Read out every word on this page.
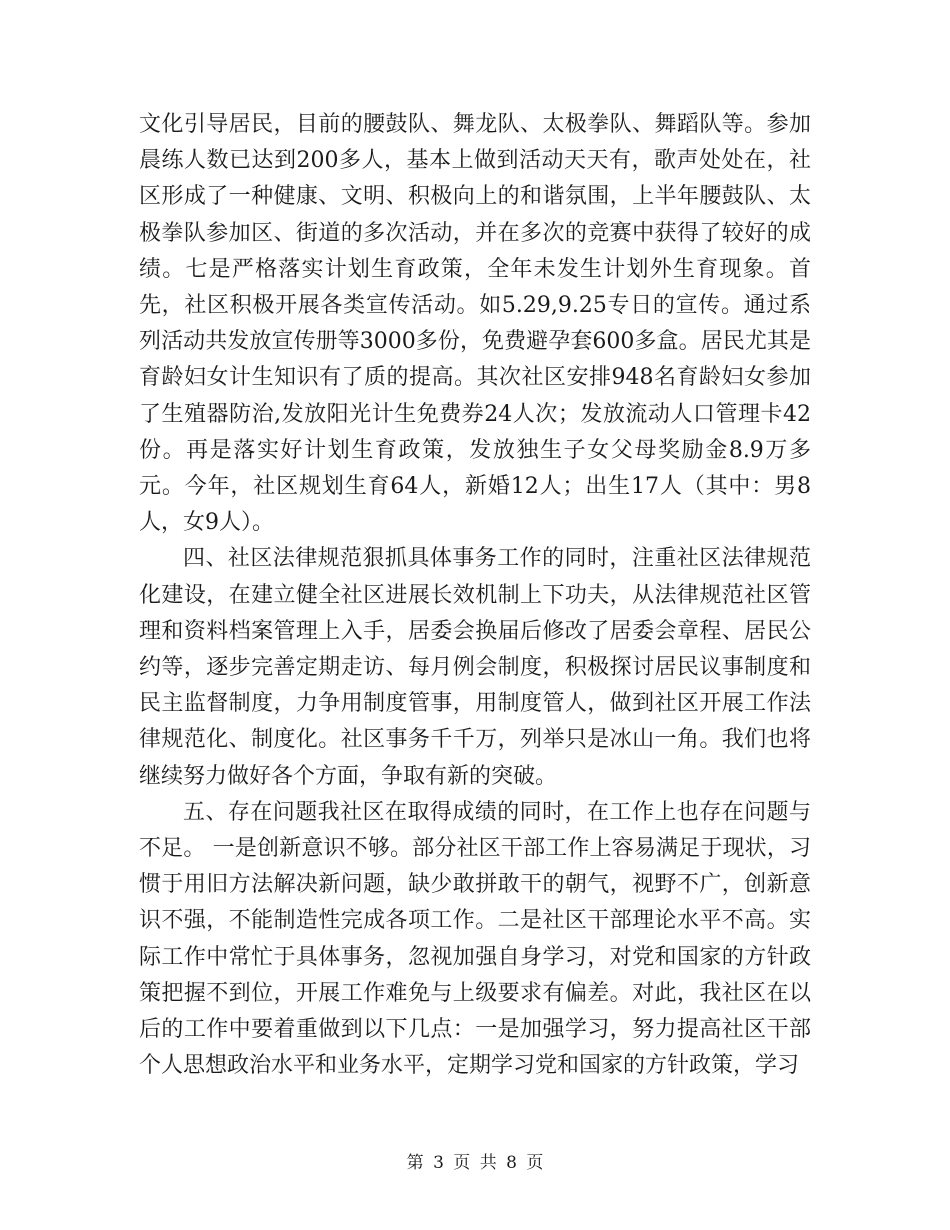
文化引导居民，目前的腰鼓队、舞龙队、太极拳队、舞蹈队等。参加晨练人数已达到200多人，基本上做到活动天天有，歌声处处在，社区形成了一种健康、文明、积极向上的和谐氛围，上半年腰鼓队、太极拳队参加区、街道的多次活动，并在多次的竞赛中获得了较好的成绩。七是严格落实计划生育政策，全年未发生计划外生育现象。首先，社区积极开展各类宣传活动。如5.29,9.25专日的宣传。通过系列活动共发放宣传册等3000多份，免费避孕套600多盒。居民尤其是育龄妇女计生知识有了质的提高。其次社区安排948名育龄妇女参加了生殖器防治,发放阳光计生免费券24人次；发放流动人口管理卡42份。再是落实好计划生育政策，发放独生子女父母奖励金8.9万多元。今年，社区规划生育64人，新婚12人；出生17人（其中：男8人，女9人）。

四、社区法律规范狠抓具体事务工作的同时，注重社区法律规范化建设，在建立健全社区进展长效机制上下功夫，从法律规范社区管理和资料档案管理上入手，居委会换届后修改了居委会章程、居民公约等，逐步完善定期走访、每月例会制度，积极探讨居民议事制度和民主监督制度，力争用制度管事，用制度管人，做到社区开展工作法律规范化、制度化。社区事务千千万，列举只是冰山一角。我们也将继续努力做好各个方面，争取有新的突破。

五、存在问题我社区在取得成绩的同时，在工作上也存在问题与不足。 一是创新意识不够。部分社区干部工作上容易满足于现状，习惯于用旧方法解决新问题，缺少敢拼敢干的朝气，视野不广，创新意识不强，不能制造性完成各项工作。二是社区干部理论水平不高。实际工作中常忙于具体事务，忽视加强自身学习，对党和国家的方针政策把握不到位，开展工作难免与上级要求有偏差。对此，我社区在以后的工作中要着重做到以下几点：一是加强学习，努力提高社区干部个人思想政治水平和业务水平，定期学习党和国家的方针政策，学习

第 3 页 共 8 页
